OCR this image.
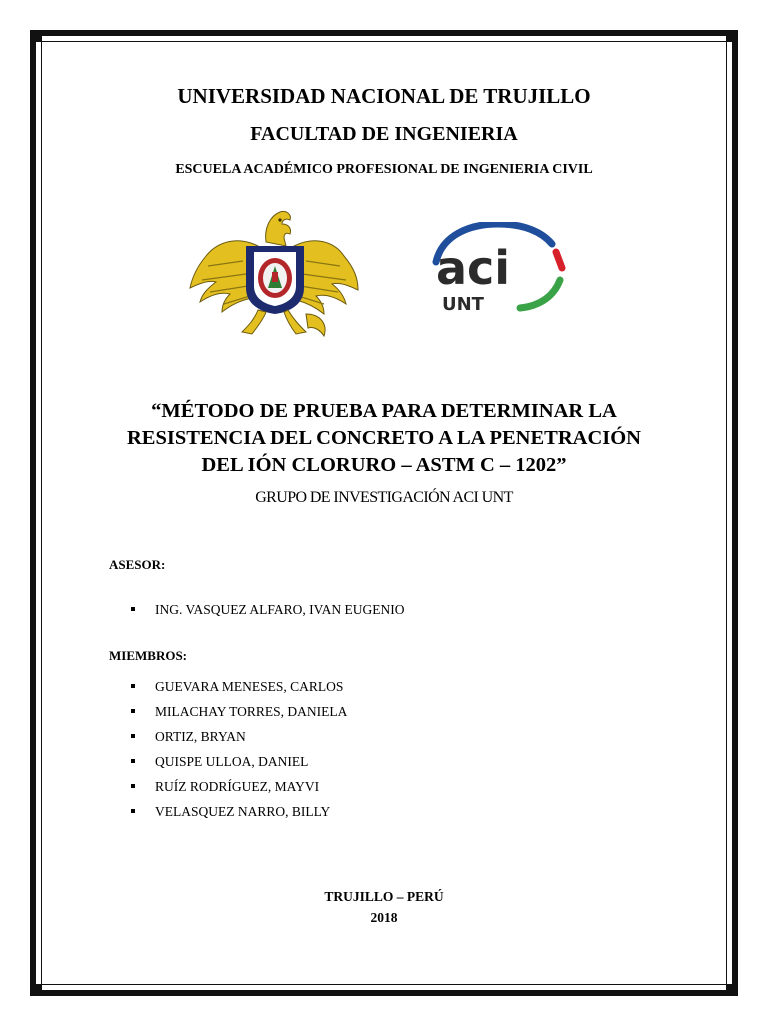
UNIVERSIDAD NACIONAL DE TRUJILLO
FACULTAD DE INGENIERIA
ESCUELA ACADÉMICO PROFESIONAL DE INGENIERIA CIVIL
aci
UNT
“MÉTODO DE PRUEBA PARA DETERMINAR LA
RESISTENCIA DEL CONCRETO A LA PENETRACIÓN
DEL IÓN CLORURO – ASTM C – 1202”
GRUPO DE INVESTIGACIÓN ACI UNT
ASESOR:
ING. VASQUEZ ALFARO, IVAN EUGENIO
MIEMBROS:
GUEVARA MENESES, CARLOS
MILACHAY TORRES, DANIELA
ORTIZ, BRYAN
QUISPE ULLOA, DANIEL
RUÍZ RODRÍGUEZ, MAYVI
VELASQUEZ NARRO, BILLY
TRUJILLO – PERÚ
2018
